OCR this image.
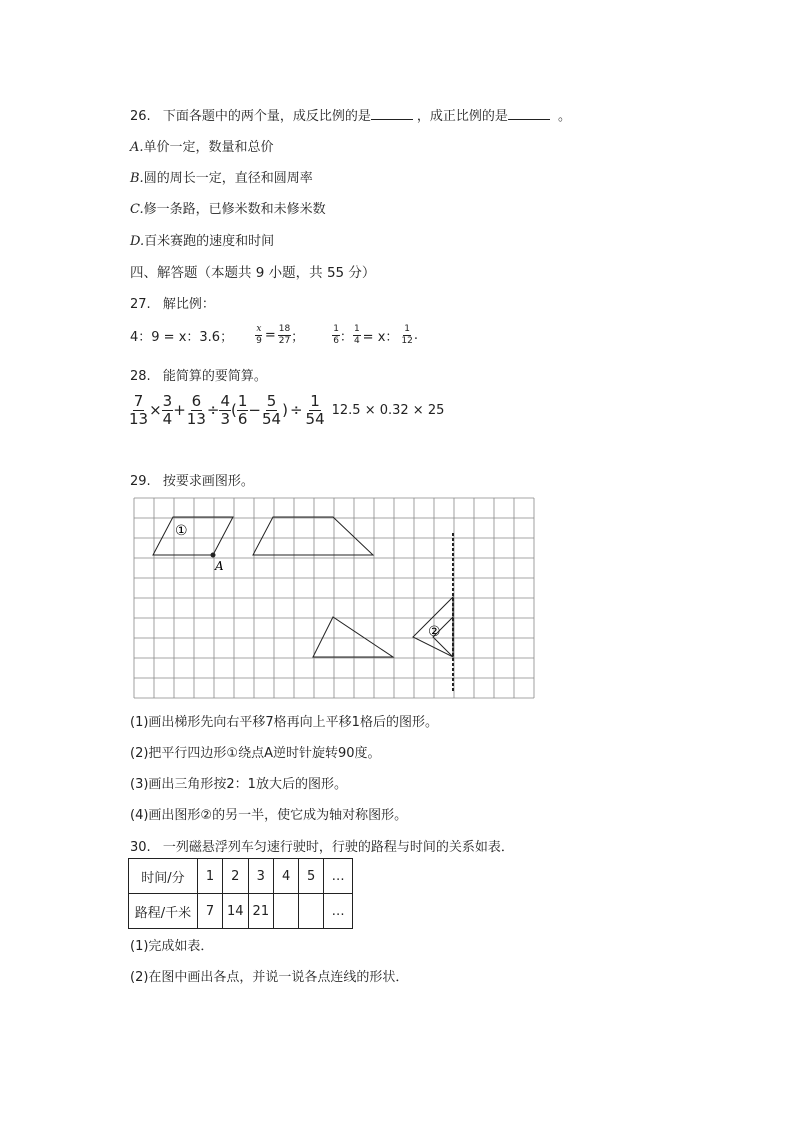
26. 下面各题中的两个量，成反比例的是	，成正比例的是	。
A.单价一定，数量和总价
B.圆的周长一定，直径和圆周率
C.修一条路，已修米数和未修米数
D.百米赛跑的速度和时间
四、解答题（本题共 9 小题，共 55 分）
27. 解比例：
4：9 = x：3.6； $\frac{x}{9} = \frac{18}{27}$ ；	$\frac{1}{6}$ ： $\frac{1}{4} = x$： $\frac{1}{12}$ .
28. 能简算的要简算。
$\frac{7}{13} \times \frac{3}{4} + \frac{6}{13} \div \frac{4}{3}$ ( $\frac{1}{6} - \frac{5}{54}$ ) ÷ $\frac{1}{54} 12.5 \times 0.32 \times 25$
29. 按要求画图形。
①
A
②
(1)画出梯形先向右平移7格再向上平移1格后的图形。
(2)把平行四边形①绕点A逆时针旋转90度。
(3)画出三角形按2：1放大后的图形。
(4)画出图形②的另一半，使它成为轴对称图形。
30. 一列磁悬浮列车匀速行驶时，行驶的路程与时间的关系如表．
时间/分	1	2	3	4	5	…
路程/千米	7	14	21			…
(1)完成如表．
(2)在图中画出各点，并说一说各点连线的形状．
